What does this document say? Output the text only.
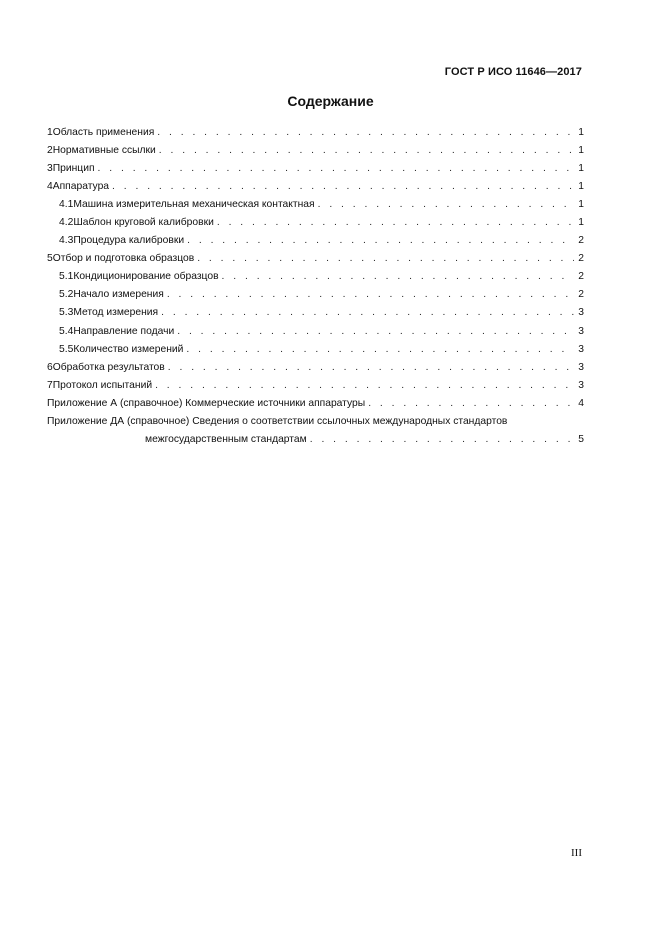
ГОСТ Р ИСО 11646—2017
Содержание
1 Область применения . . .	1
2 Нормативные ссылки . . .	1
3 Принцип . . .	1
4 Аппаратура . . .	1
4.1 Машина измерительная механическая контактная . . .	1
4.2 Шаблон круговой калибровки . . .	1
4.3 Процедура калибровки . . .	2
5 Отбор и подготовка образцов . . .	2
5.1 Кондиционирование образцов . . .	2
5.2 Начало измерения . . .	2
5.3 Метод измерения . . .	3
5.4 Направление подачи . . .	3
5.5 Количество измерений . . .	3
6 Обработка результатов . . .	3
7 Протокол испытаний . . .	3
Приложение А (справочное) Коммерческие источники аппаратуры . . .	4
Приложение ДА (справочное) Сведения о соответствии ссылочных международных стандартов
межгосударственным стандартам . . .	5
III
